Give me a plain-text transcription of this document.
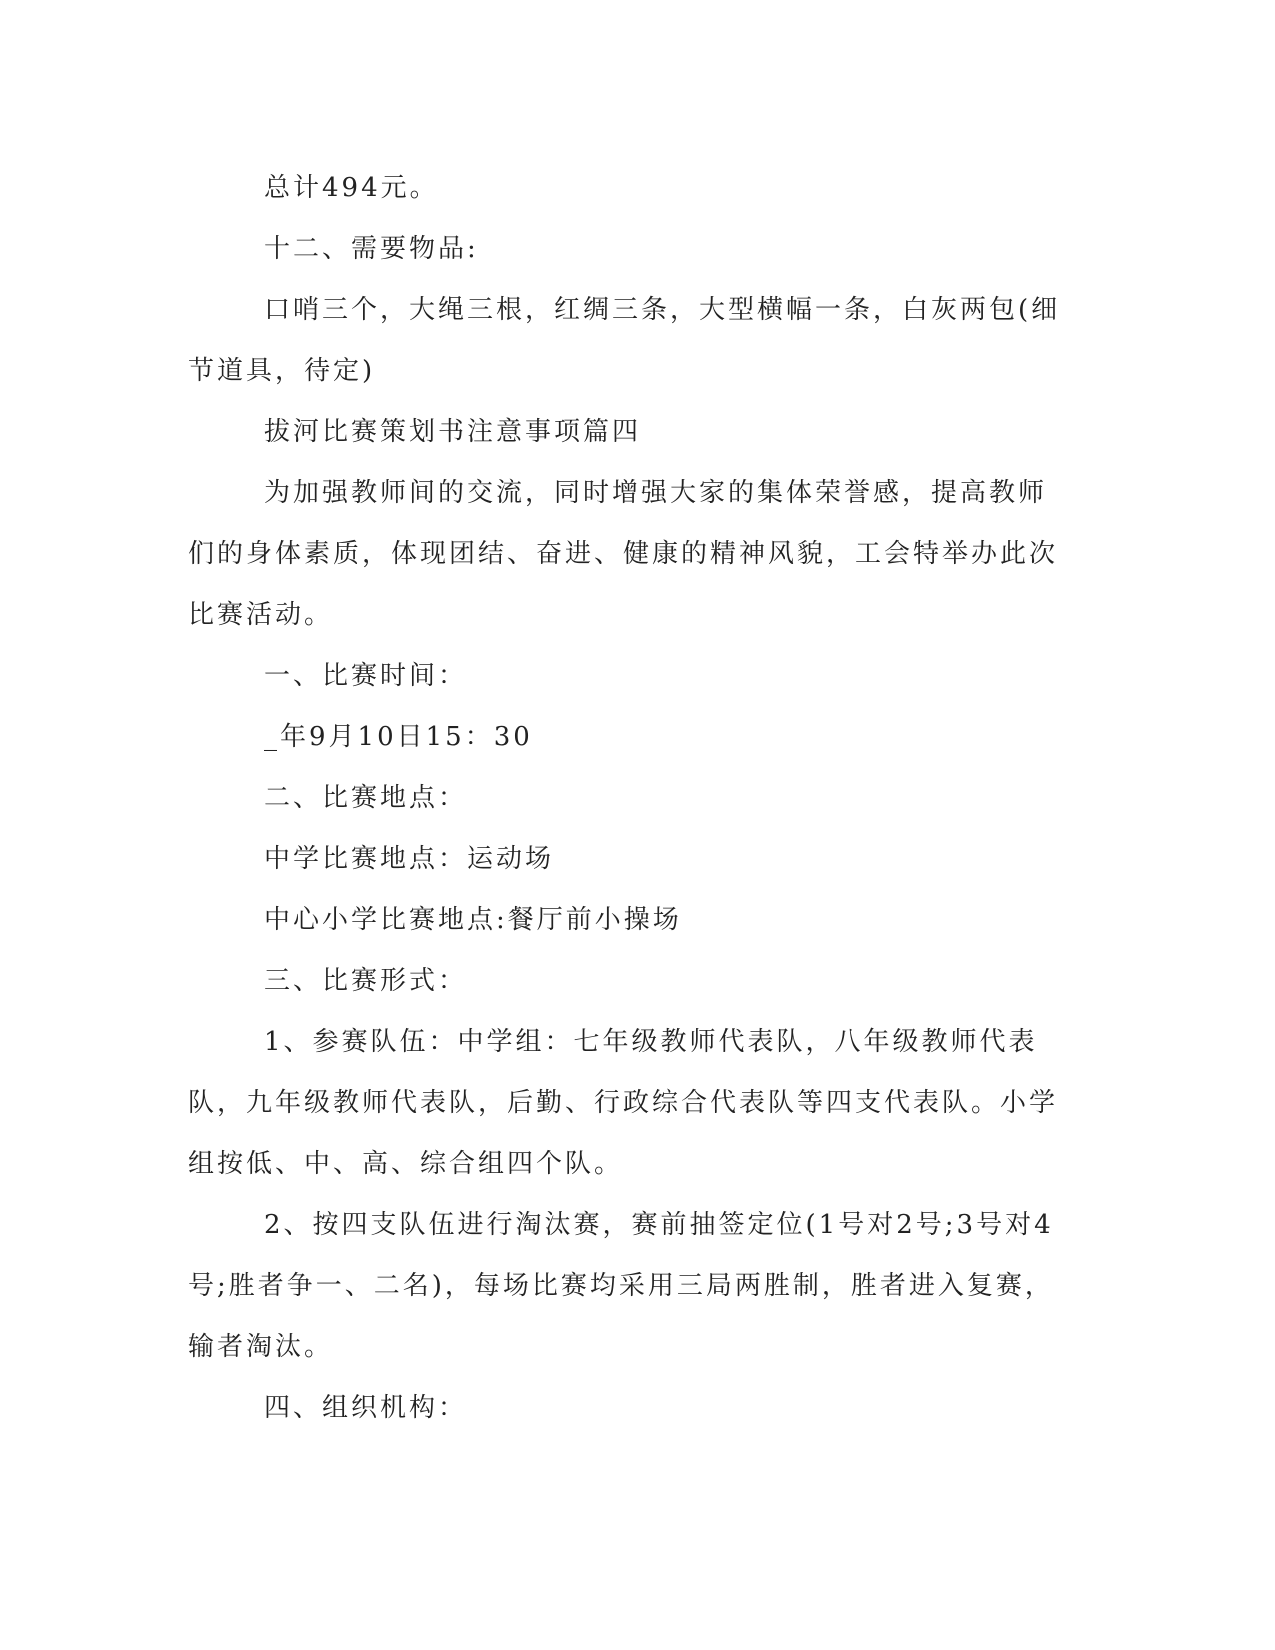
总计494元。

十二、需要物品:

口哨三个，大绳三根，红绸三条，大型横幅一条，白灰两包(细节道具，待定)

拔河比赛策划书注意事项篇四

为加强教师间的交流，同时增强大家的集体荣誉感，提高教师们的身体素质，体现团结、奋进、健康的精神风貌，工会特举办此次比赛活动。

一、比赛时间：

_年9月10日15：30

二、比赛地点：

中学比赛地点：运动场

中心小学比赛地点:餐厅前小操场

三、比赛形式：

1、参赛队伍：中学组：七年级教师代表队，八年级教师代表队，九年级教师代表队，后勤、行政综合代表队等四支代表队。小学组按低、中、高、综合组四个队。

2、按四支队伍进行淘汰赛，赛前抽签定位(1号对2号;3号对4号;胜者争一、二名)，每场比赛均采用三局两胜制，胜者进入复赛，输者淘汰。

四、组织机构：
